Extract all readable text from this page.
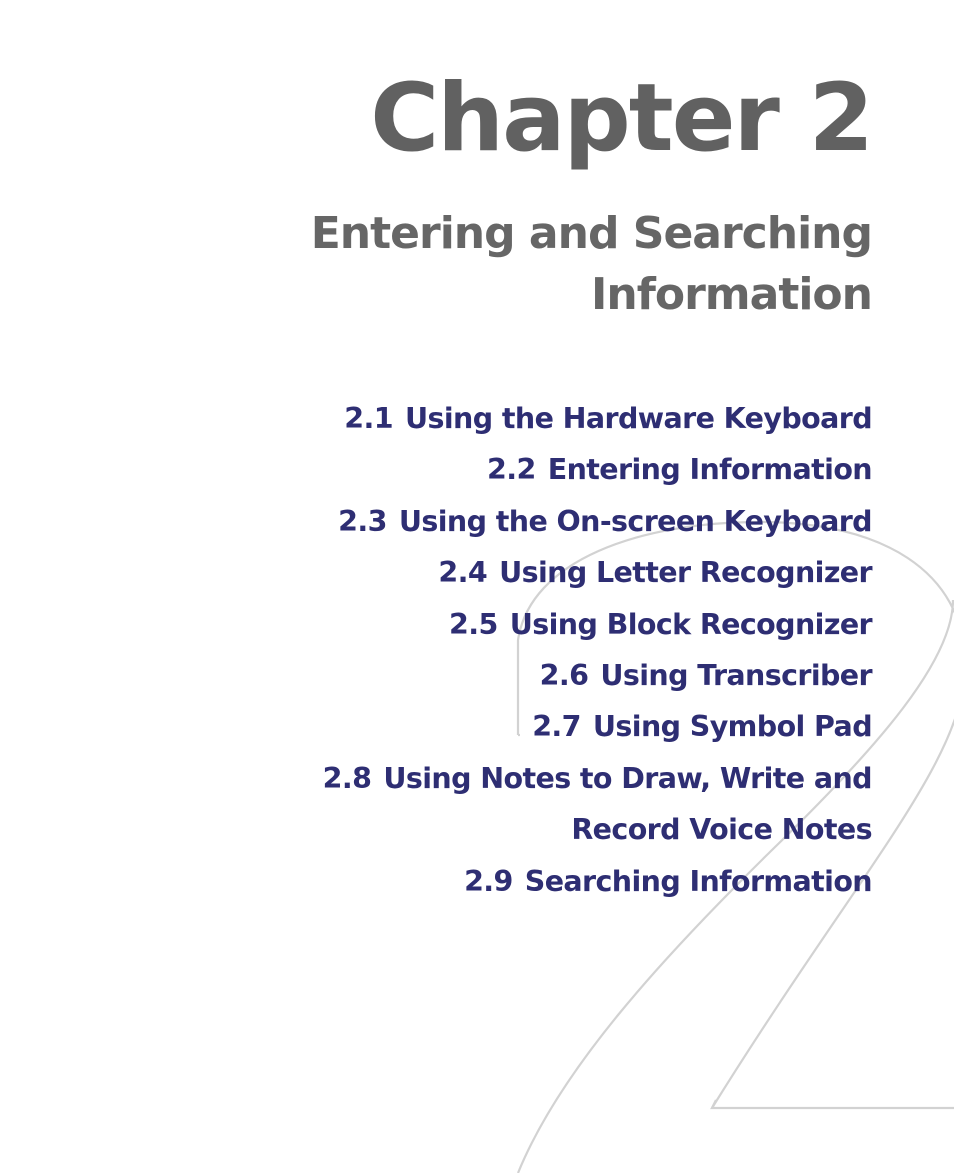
Chapter 2
Entering and Searching
Information
2.1 Using the Hardware Keyboard
2.2 Entering Information
2.3 Using the On-screen Keyboard
2.4 Using Letter Recognizer
2.5 Using Block Recognizer
2.6 Using Transcriber
2.7 Using Symbol Pad
2.8 Using Notes to Draw, Write and
Record Voice Notes
2.9 Searching Information
